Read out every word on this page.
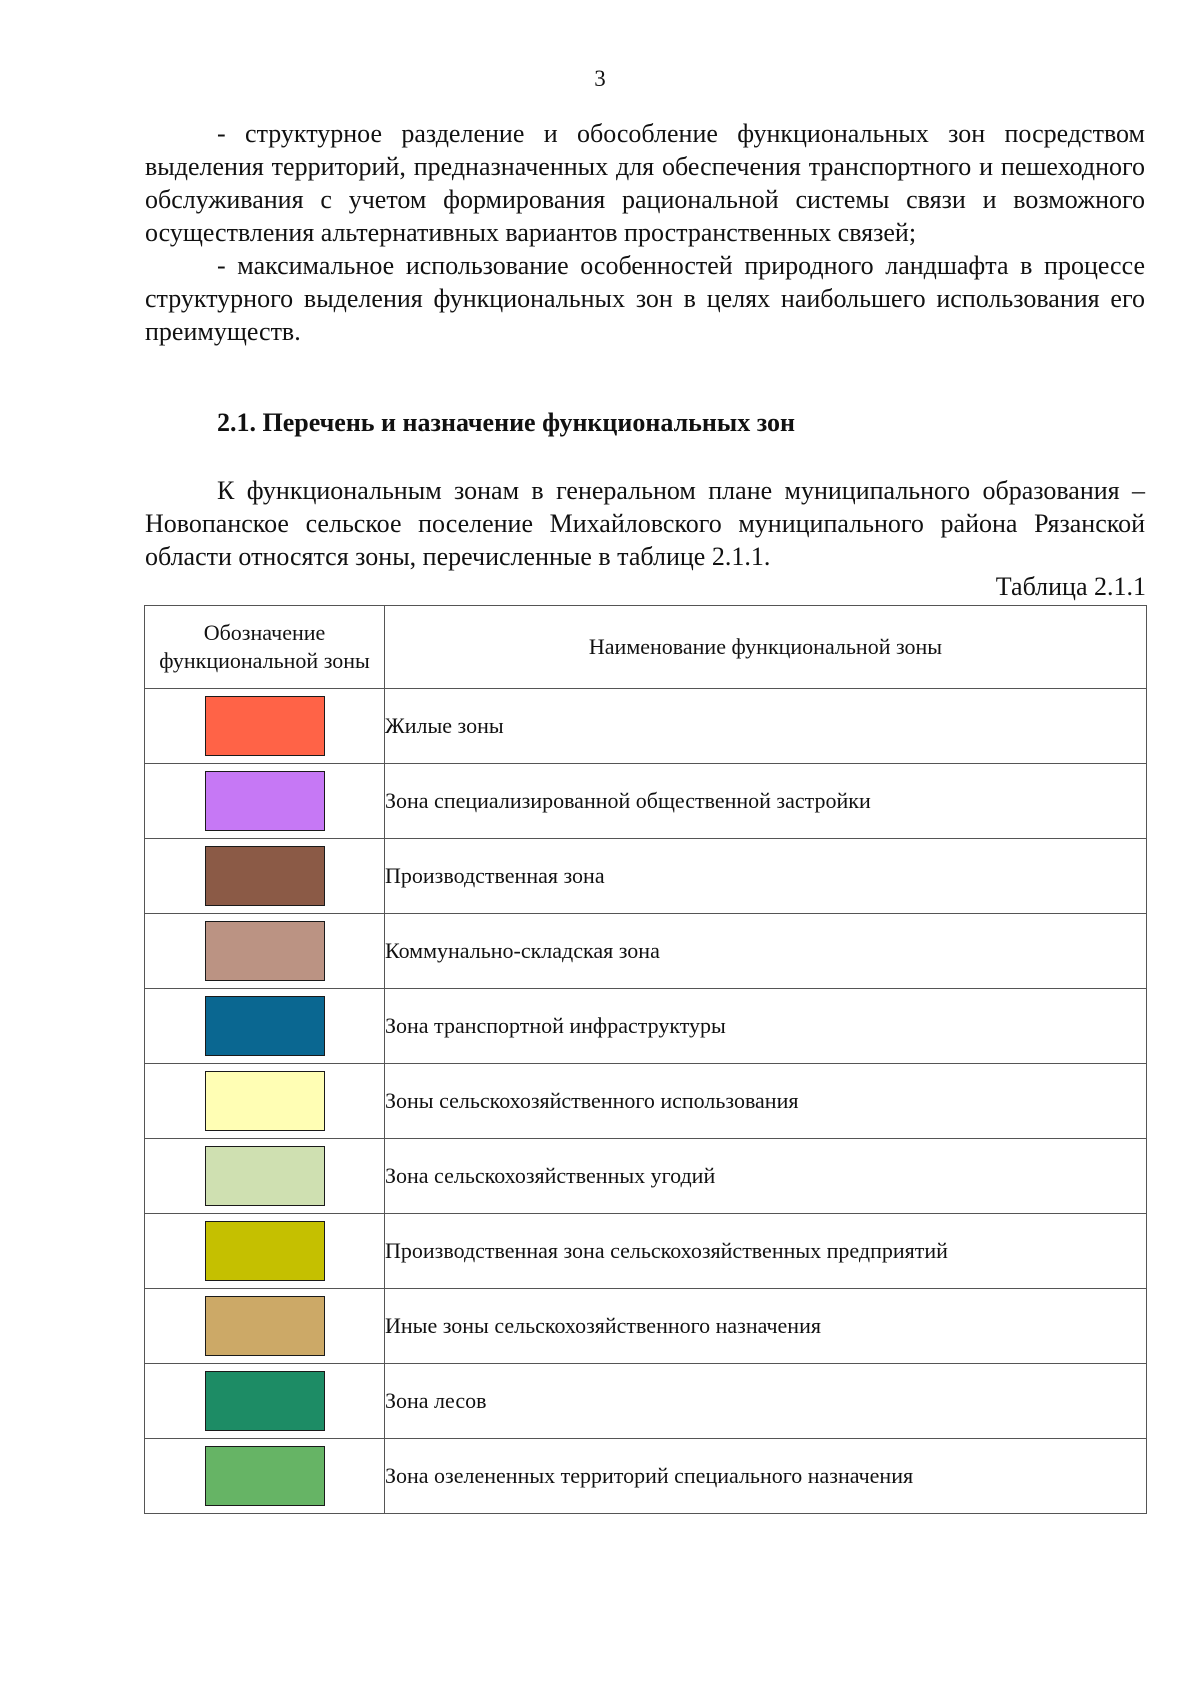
3

- структурное разделение и обособление функциональных зон посредством выделения территорий, предназначенных для обеспечения транспортного и пешеходного обслуживания с учетом формирования рациональной системы связи и возможного осуществления альтернативных вариантов пространственных связей;

- максимальное использование особенностей природного ландшафта в процессе структурного выделения функциональных зон в целях наибольшего использования его преимуществ.

2.1. Перечень и назначение функциональных зон

К функциональным зонам в генеральном плане муниципального образования – Новопанское сельское поселение Михайловского муниципального района Рязанской области относятся зоны, перечисленные в таблице 2.1.1.

Таблица 2.1.1
Обозначение функциональной зоны	Наименование функциональной зоны
	Жилые зоны
	Зона специализированной общественной застройки
	Производственная зона
	Коммунально-складская зона
	Зона транспортной инфраструктуры
	Зоны сельскохозяйственного использования
	Зона сельскохозяйственных угодий
	Производственная зона сельскохозяйственных предприятий
	Иные зоны сельскохозяйственного назначения
	Зона лесов
	Зона озелененных территорий специального назначения
